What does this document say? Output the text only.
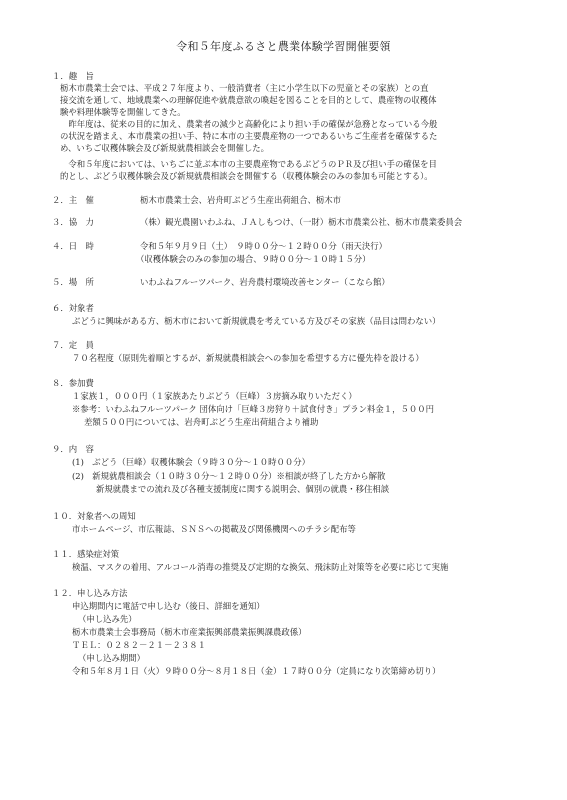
令和５年度ふるさと農業体験学習開催要領
１．趣　旨
栃木市農業士会では、平成２７年度より、一般消費者（主に小学生以下の児童とその家族）との直
接交流を通して、地域農業への理解促進や就農意欲の喚起を図ることを目的として、農産物の収穫体
験や料理体験等を開催してきた。
　昨年度は、従来の目的に加え、農業者の減少と高齢化により担い手の確保が急務となっている今般
の状況を踏まえ、本市農業の担い手、特に本市の主要農産物の一つであるいちご生産者を確保するた
め、いちご収穫体験会及び新規就農相談会を開催した。
　令和５年度においては、いちごに並ぶ本市の主要農産物であるぶどうのＰＲ及び担い手の確保を目
的とし、ぶどう収穫体験会及び新規就農相談会を開催する（収穫体験会のみの参加も可能とする）。
２．主　催	栃木市農業士会、岩舟町ぶどう生産出荷組合、栃木市
３．協　力	（株）観光農園いわふね、ＪＡしもつけ、（一財）栃木市農業公社、栃木市農業委員会
４．日　時	令和５年９月９日（土）　９時００分～１２時００分（雨天決行）
（収穫体験会のみの参加の場合、９時００分～１０時１５分）
５．場　所	いわふねフルーツパーク、岩舟農村環境改善センター（こなら館）
６．対象者
ぶどうに興味がある方、栃木市において新規就農を考えている方及びその家族（品目は問わない）
７．定　員
７０名程度（原則先着順とするが、新規就農相談会への参加を希望する方に優先枠を設ける）
８．参加費
１家族１，０００円（１家族あたりぶどう（巨峰）３房摘み取りいただく）
※参考：いわふねフルーツパーク 団体向け「巨峰３房狩り＋試食付き」プラン料金１，５００円
差額５００円については、岩舟町ぶどう生産出荷組合より補助
９．内　容
(1)　ぶどう（巨峰）収穫体験会（９時３０分～１０時００分）
(2)　新規就農相談会（１０時３０分～１２時００分）※相談が終了した方から解散
新規就農までの流れ及び各種支援制度に関する説明会、個別の就農・移住相談
１０．対象者への周知
市ホームページ、市広報誌、ＳＮＳへの掲載及び関係機関へのチラシ配布等
１１．感染症対策
検温、マスクの着用、アルコール消毒の推奨及び定期的な換気、飛沫防止対策等を必要に応じて実施
１２．申し込み方法
申込期間内に電話で申し込む（後日、詳細を通知）
（申し込み先）
栃木市農業士会事務局（栃木市産業振興部農業振興課農政係）
ＴＥＬ：０２８２－２１－２３８１
（申し込み期間）
令和５年８月１日（火）９時００分～８月１８日（金）１７時００分（定員になり次第締め切り）
